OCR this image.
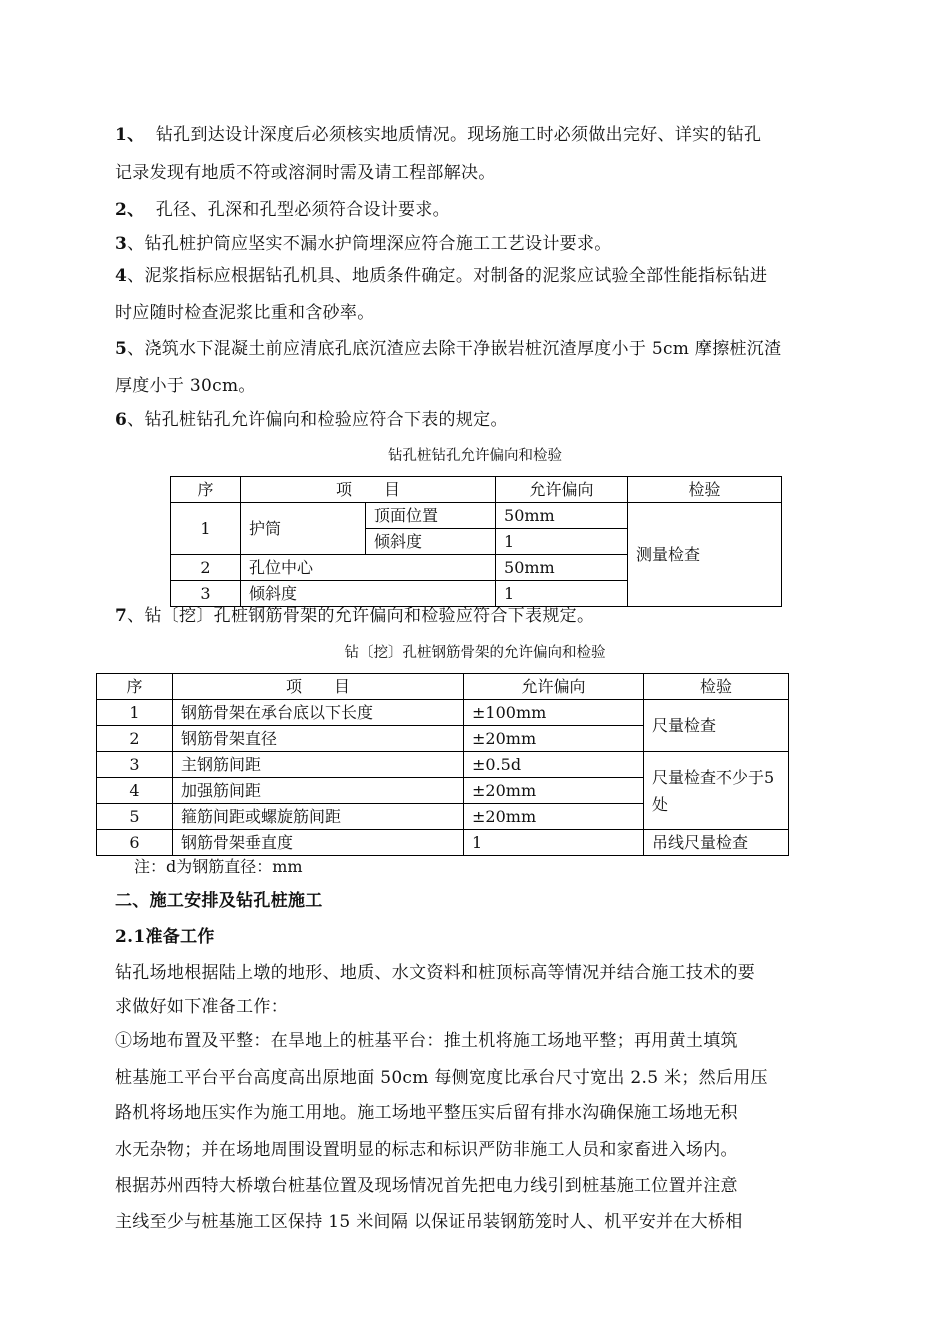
1、  钻孔到达设计深度后必须核实地质情况。现场施工时必须做出完好、详实的钻孔
记录发现有地质不符或溶洞时需及请工程部解决。
2、  孔径、孔深和孔型必须符合设计要求。
3、钻孔桩护筒应坚实不漏水护筒埋深应符合施工工艺设计要求。
4、泥浆指标应根据钻孔机具、地质条件确定。对制备的泥浆应试验全部性能指标钻进
时应随时检查泥浆比重和含砂率。
5、浇筑水下混凝土前应清底孔底沉渣应去除干净嵌岩桩沉渣厚度小于 5cm 摩擦桩沉渣
厚度小于 30cm。
6、钻孔桩钻孔允许偏向和检验应符合下表的规定。
钻孔桩钻孔允许偏向和检验
序	项　　目		允许偏向	检验
1	护筒	顶面位置	50mm	测量检查
		倾斜度	1	
2	孔位中心		50mm	
3	倾斜度		1	
7、钻〔挖〕孔桩钢筋骨架的允许偏向和检验应符合下表规定。
钻〔挖〕孔桩钢筋骨架的允许偏向和检验
序	项　　目	允许偏向	检验
1	钢筋骨架在承台底以下长度	±100mm	尺量检查
2	钢筋骨架直径	±20mm	
3	主钢筋间距	±0.5d	尺量检查不少于5处
4	加强筋间距	±20mm	
5	箍筋间距或螺旋筋间距	±20mm	
6	钢筋骨架垂直度	1	吊线尺量检查
注：d为钢筋直径：mm
二、施工安排及钻孔桩施工
2.1准备工作
钻孔场地根据陆上墩的地形、地质、水文资料和桩顶标高等情况并结合施工技术的要
求做好如下准备工作：
①场地布置及平整：在旱地上的桩基平台：推土机将施工场地平整；再用黄土填筑
桩基施工平台平台高度高出原地面 50cm 每侧宽度比承台尺寸宽出 2.5 米；然后用压
路机将场地压实作为施工用地。施工场地平整压实后留有排水沟确保施工场地无积
水无杂物；并在场地周围设置明显的标志和标识严防非施工人员和家畜进入场内。
根据苏州西特大桥墩台桩基位置及现场情况首先把电力线引到桩基施工位置并注意
主线至少与桩基施工区保持 15 米间隔 以保证吊装钢筋笼时人、机平安并在大桥相
